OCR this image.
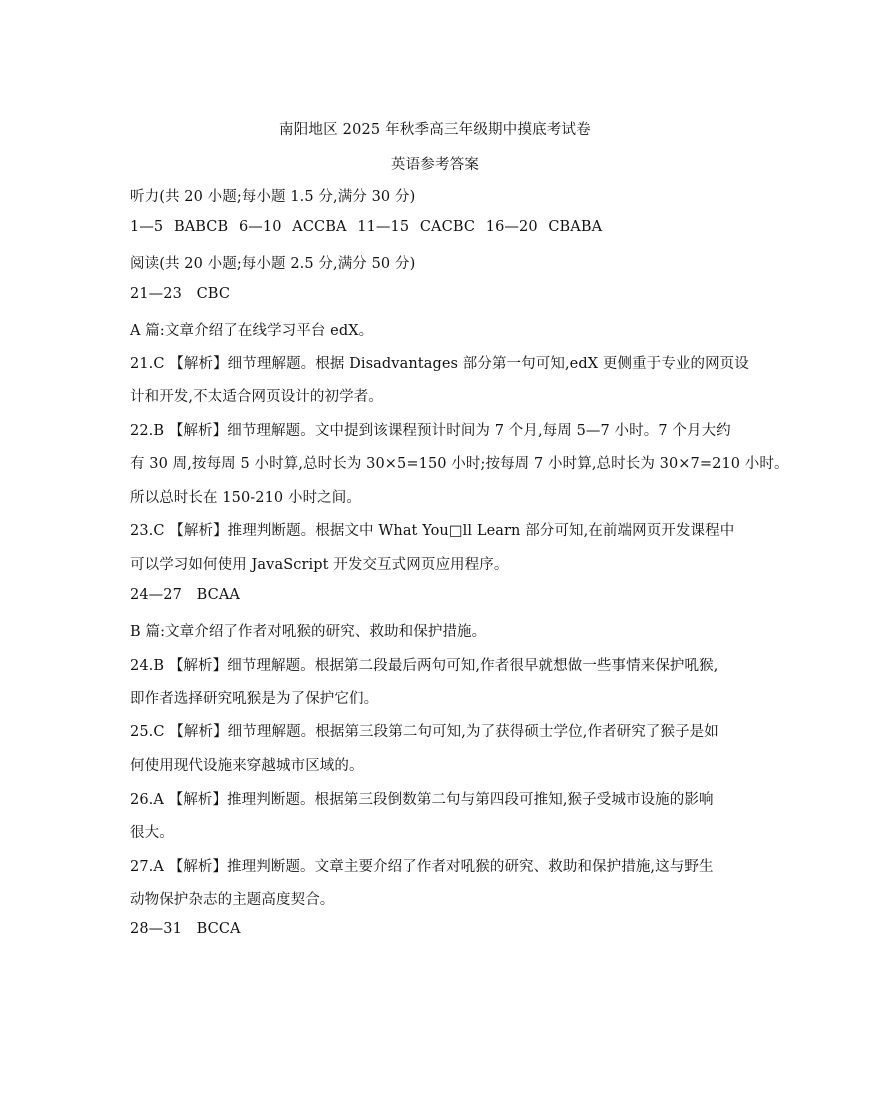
南阳地区 2025 年秋季高三年级期中摸底考试卷
英语参考答案
听力(共 20 小题;每小题 1.5 分,满分 30 分)
1—5 BABCB 6—10 ACCBA 11—15 CACBC 16—20 CBABA
阅读(共 20 小题;每小题 2.5 分,满分 50 分)
21—23 CBC
A 篇:文章介绍了在线学习平台 edX。
21.C 【解析】细节理解题。根据 Disadvantages 部分第一句可知,edX 更侧重于专业的网页设
计和开发,不太适合网页设计的初学者。
22.B 【解析】细节理解题。文中提到该课程预计时间为 7 个月,每周 5—7 小时。7 个月大约
有 30 周,按每周 5 小时算,总时长为 30×5=150 小时;按每周 7 小时算,总时长为 30×7=210 小时。
所以总时长在 150-210 小时之间。
23.C 【解析】推理判断题。根据文中 What You□ll Learn 部分可知,在前端网页开发课程中
可以学习如何使用 JavaScript 开发交互式网页应用程序。
24—27 BCAA
B 篇:文章介绍了作者对吼猴的研究、救助和保护措施。
24.B 【解析】细节理解题。根据第二段最后两句可知,作者很早就想做一些事情来保护吼猴,
即作者选择研究吼猴是为了保护它们。
25.C 【解析】细节理解题。根据第三段第二句可知,为了获得硕士学位,作者研究了猴子是如
何使用现代设施来穿越城市区域的。
26.A 【解析】推理判断题。根据第三段倒数第二句与第四段可推知,猴子受城市设施的影响
很大。
27.A 【解析】推理判断题。文章主要介绍了作者对吼猴的研究、救助和保护措施,这与野生
动物保护杂志的主题高度契合。
28—31 BCCA
